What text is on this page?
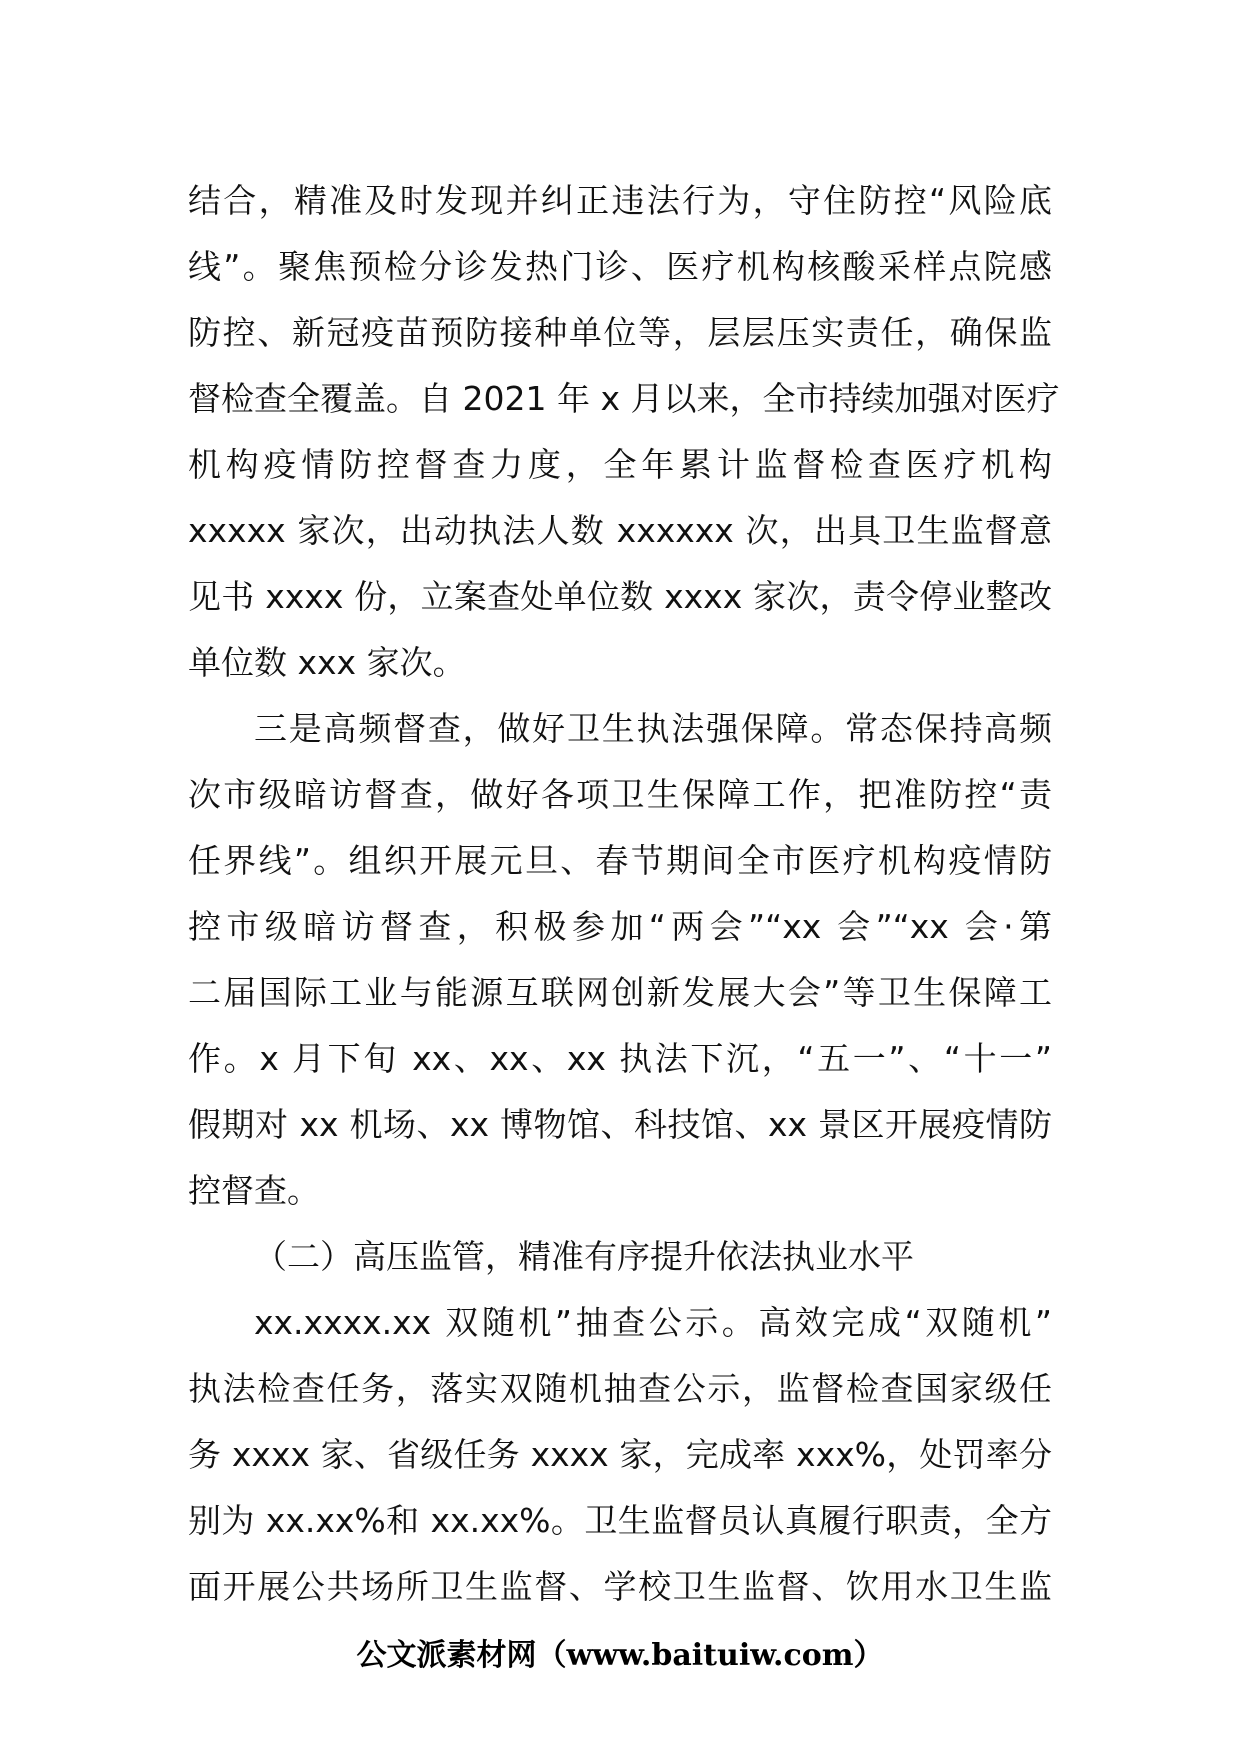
结合，精准及时发现并纠正违法行为，守住防控“风险底
线”。聚焦预检分诊发热门诊、医疗机构核酸采样点院感
防控、新冠疫苗预防接种单位等，层层压实责任，确保监
督检查全覆盖。自 2021 年 x 月以来，全市持续加强对医疗
机构疫情防控督查力度，全年累计监督检查医疗机构
xxxxx 家次，出动执法人数 xxxxxx 次，出具卫生监督意
见书 xxxx 份，立案查处单位数 xxxx 家次，责令停业整改
单位数 xxx 家次。
三是高频督查，做好卫生执法强保障。常态保持高频
次市级暗访督查，做好各项卫生保障工作，把准防控“责
任界线”。组织开展元旦、春节期间全市医疗机构疫情防
控市级暗访督查，积极参加“两会”“xx 会”“xx 会·第
二届国际工业与能源互联网创新发展大会”等卫生保障工
作。x 月下旬 xx、xx、xx 执法下沉，“五一”、“十一”
假期对 xx 机场、xx 博物馆、科技馆、xx 景区开展疫情防
控督查。
（二）高压监管，精准有序提升依法执业水平
xx.xxxx.xx 双随机”抽查公示。高效完成“双随机”
执法检查任务，落实双随机抽查公示，监督检查国家级任
务 xxxx 家、省级任务 xxxx 家，完成率 xxx%，处罚率分
别为 xx.xx%和 xx.xx%。卫生监督员认真履行职责，全方
面开展公共场所卫生监督、学校卫生监督、饮用水卫生监
公文派素材网（www.baituiw.com）
